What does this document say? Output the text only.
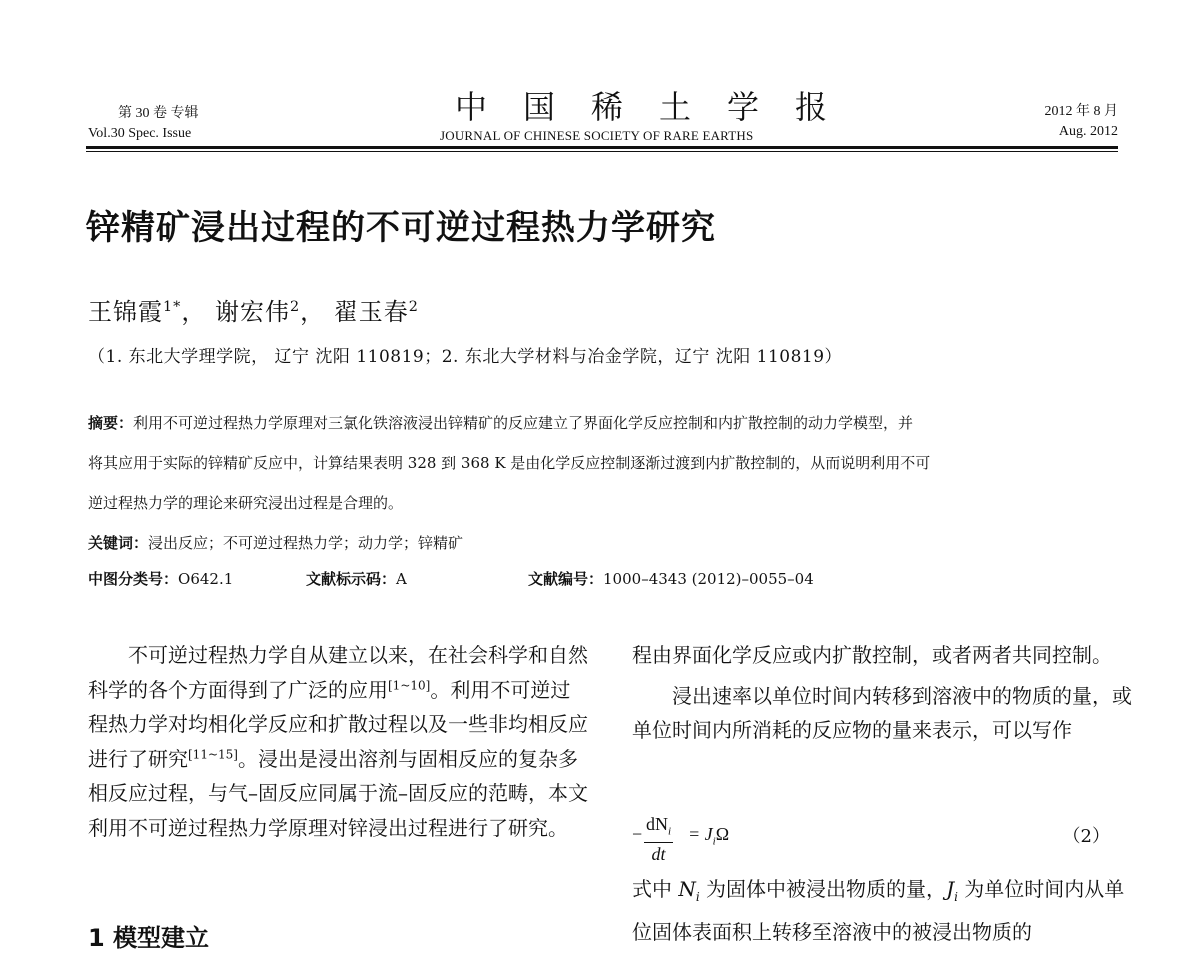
第 30 卷 专辑
Vol.30 Spec. Issue
中国稀土学报
JOURNAL OF CHINESE SOCIETY OF RARE EARTHS
2012 年 8 月
Aug. 2012
锌精矿浸出过程的不可逆过程热力学研究
王锦霞$^{1*}$， 谢宏伟$^2$， 翟玉春$^2$
（1. 东北大学理学院， 辽宁 沈阳 110819；2. 东北大学材料与冶金学院，辽宁 沈阳 110819）
摘要：利用不可逆过程热力学原理对三氯化铁溶液浸出锌精矿的反应建立了界面化学反应控制和内扩散控制的动力学模型，并
将其应用于实际的锌精矿反应中，计算结果表明 328 到 368 K 是由化学反应控制逐渐过渡到内扩散控制的，从而说明利用不可
逆过程热力学的理论来研究浸出过程是合理的。
关键词：浸出反应；不可逆过程热力学；动力学；锌精矿
中图分类号：O642.1	文献标示码：A	文献编号：1000–4343 (2012)–0055–04

不可逆过程热力学自从建立以来，在社会科学和自然科学的各个方面得到了广泛的应用[1~10]。利用不可逆过程热力学对均相化学反应和扩散过程以及一些非均相反应进行了研究[11~15]。浸出是浸出溶剂与固相反应的复杂多相反应过程，与气–固反应同属于流–固反应的范畴，本文利用不可逆过程热力学原理对锌浸出过程进行了研究。

1 模型建立

程由界面化学反应或内扩散控制，或者两者共同控制。

浸出速率以单位时间内转移到溶液中的物质的量，或单位时间内所消耗的反应物的量来表示，可以写作

− $dN_i$
dt
= $J_i\Omega$	（2）

式中 $N_i$ 为固体中被浸出物质的量，$J_i$ 为单位时间内从单位固体表面积上转移至溶液中的被浸出物质的
